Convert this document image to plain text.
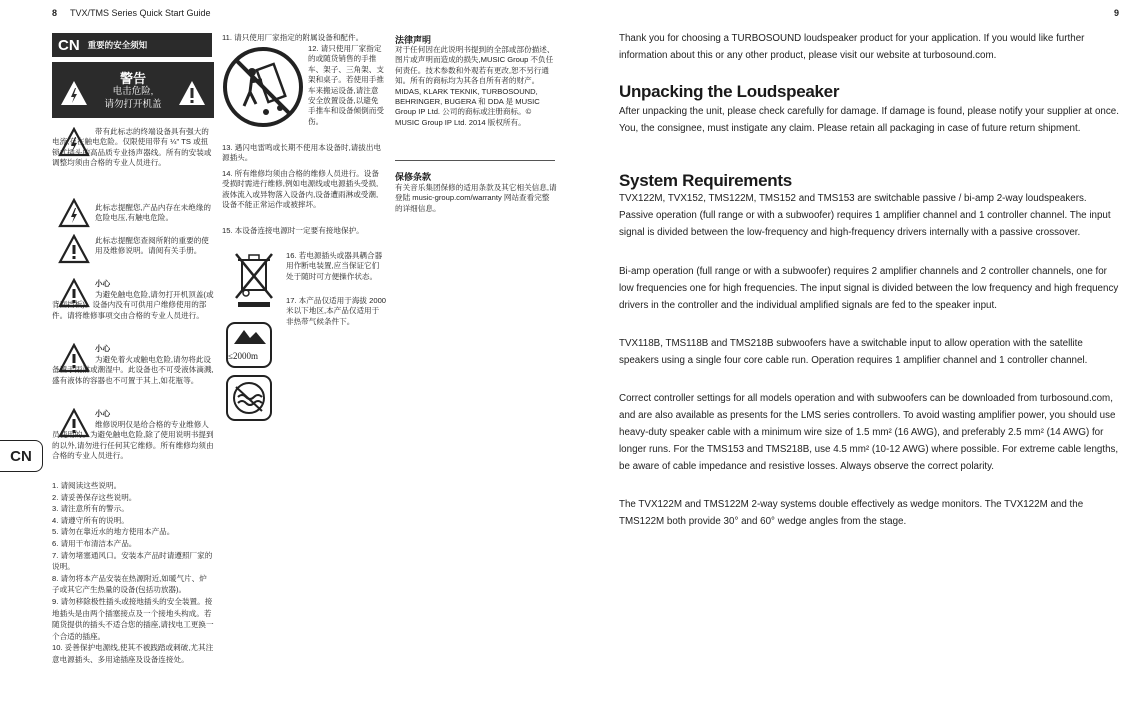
8 TVX/TMS Series Quick Start Guide	9
CN 重要的安全须知
警告
电击危险,
请勿打开机盖
带有此标志的终端设备具有强大的电流,存在触电危险。仅限使用带有 ¼" TS 或扭锁式插头的高品质专业扬声器线。所有的安装或调整均须由合格的专业人员进行。
此标志提醒您,产品内存在未绝缘的危险电压,有触电危险。
此标志提醒您查阅所附的重要的使用及维修说明。请阅有关手册。
小心
为避免触电危险,请勿打开机顶盖(或背面挡板)。设备内没有可供用户维修使用的部件。请将维修事项交由合格的专业人员进行。
小心
为避免着火或触电危险,请勿将此设备置于雨淋或潮湿中。此设备也不可受液体滴溅,盛有液体的容器也不可置于其上,如花瓶等。
小心
维修说明仅是给合格的专业维修人员使用的。为避免触电危险,除了使用说明书提到的以外,请勿进行任何其它维修。所有维修均须由合格的专业人员进行。
1. 请阅读这些说明。
2. 请妥善保存这些说明。
3. 请注意所有的警示。
4. 请遵守所有的说明。
5. 请勿在靠近水的地方使用本产品。
6. 请用干布清洁本产品。
7. 请勿堵塞通风口。安装本产品时请遵照厂家的说明。
8. 请勿将本产品安装在热源附近,如暖气片、炉子或其它产生热量的设备(包括功放器)。
9. 请勿移除极性插头或接地插头的安全装置。接地插头是由两个插塞接点及一个接地头构成。若随货提供的插头不适合您的插座,请找电工更换一个合适的插座。
10. 妥善保护电源线,使其不被践踏或刺破,尤其注意电源插头、多用途插座及设备连接处。
CN
11. 请只使用厂家指定的附属设备和配件。
12. 请只使用厂家指定的或随货销售的手推车、架子、三角架、支架和桌子。若使用手推车来搬运设备,请注意安全放置设备,以避免手推车和设备倾倒而受伤。
13. 遇闪电雷鸣或长期不使用本设备时,请拔出电源插头。
14. 所有维修均须由合格的维修人员进行。设备受损时需进行维修,例如电源线或电源插头受损,液体流入或异物落入设备内,设备遭雨淋或受潮,设备不能正常运作或被摔坏。
15. 本设备连接电源时一定要有接地保护。
16. 若电源插头或器具耦合器用作断电装置,应当保证它们处于随时可方便操作状态。
≤2000m
17. 本产品仅适用于海拔 2000 米以下地区,本产品仅适用于非热带气候条件下。
法律声明
对于任何因在此说明书提到的全部或部份描述、图片或声明而造成的损失,MUSIC Group 不负任何责任。技术参数和外观若有更改,恕不另行通知。所有的商标均为其各自所有者的财产。MIDAS, KLARK TEKNIK, TURBOSOUND, BEHRINGER, BUGERA 和 DDA 是 MUSIC Group IP Ltd. 公司的商标或注册商标。© MUSIC Group IP Ltd. 2014 版权所有。
保修条款
有关音乐集团保修的适用条款及其它相关信息,请登陆 music-group.com/warranty 网站查看完整的详细信息。
Thank you for choosing a TURBOSOUND loudspeaker product for your application. If you would like further information about this or any other product, please visit our website at turbosound.com.
Unpacking the Loudspeaker
After unpacking the unit, please check carefully for damage. If damage is found, please notify your supplier at once. You, the consignee, must instigate any claim. Please retain all packaging in case of future return shipment.
System Requirements
TVX122M, TVX152, TMS122M, TMS152 and TMS153 are switchable passive / bi-amp 2-way loudspeakers. Passive operation (full range or with a subwoofer) requires 1 amplifier channel and 1 controller channel. The input signal is divided between the low-frequency and high-frequency drivers internally with a passive crossover.
Bi-amp operation (full range or with a subwoofer) requires 2 amplifier channels and 2 controller channels, one for low frequencies one for high frequencies. The input signal is divided between the low frequency and high frequency drivers in the controller and the individual amplified signals are fed to the speaker input.
TVX118B, TMS118B and TMS218B subwoofers have a switchable input to allow operation with the satellite speakers using a single four core cable run. Operation requires 1 amplifier channel and 1 controller channel.
Correct controller settings for all models operation and with subwoofers can be downloaded from turbosound.com, and are also available as presents for the LMS series controllers. To avoid wasting amplifier power, you should use heavy-duty speaker cable with a minimum wire size of 1.5 mm² (16 AWG), and preferably 2.5 mm² (14 AWG) for longer runs. For the TMS153 and TMS218B, use 4.5 mm² (10-12 AWG) where possible. For extreme cable lengths, be aware of cable impedance and resistive losses. Always observe the correct polarity.
The TVX122M and TMS122M 2-way systems double effectively as wedge monitors. The TVX122M and the TMS122M both provide 30° and 60° wedge angles from the stage.
